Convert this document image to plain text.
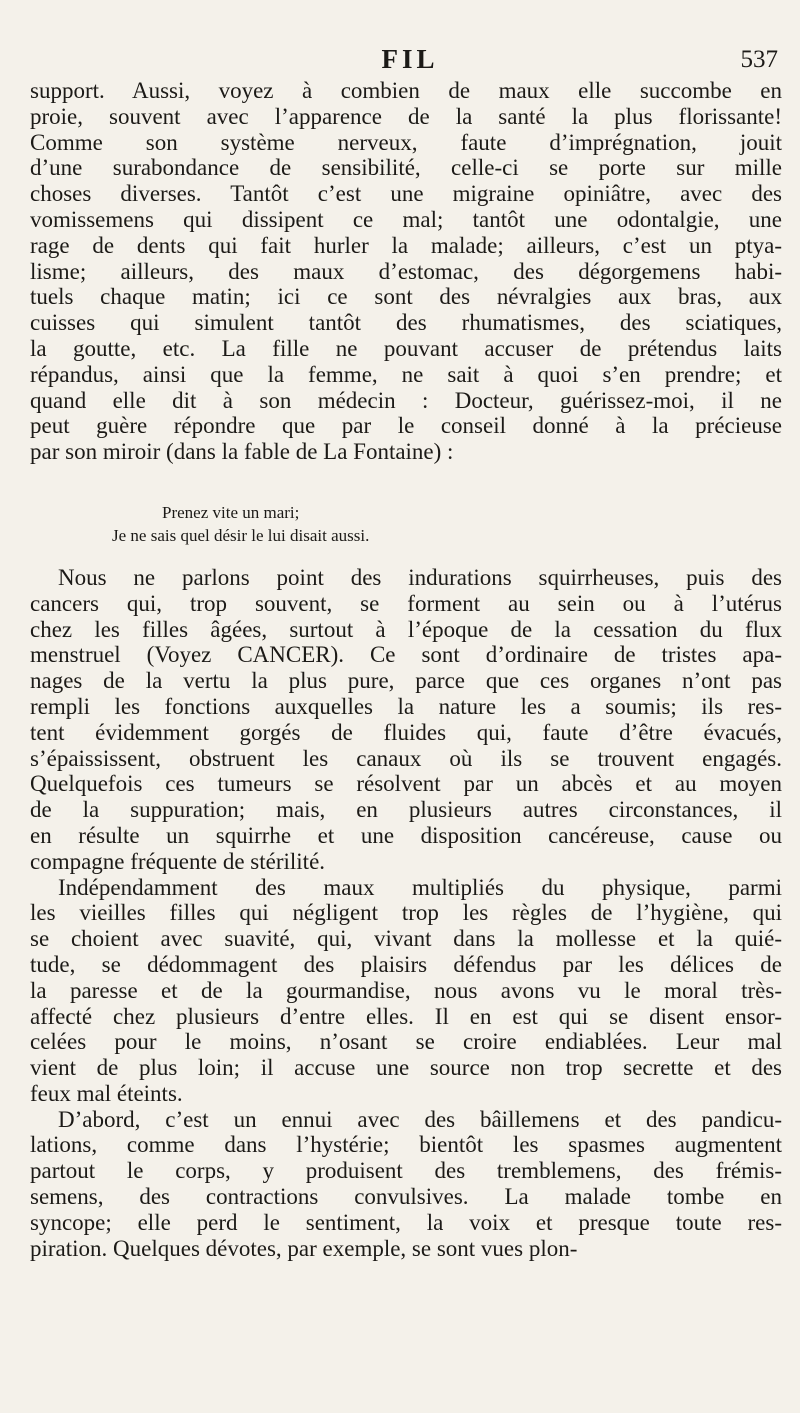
FIL	537
support. Aussi, voyez à combien de maux elle succombe en
proie, souvent avec l’apparence de la santé la plus florissante!
Comme son système nerveux, faute d’imprégnation, jouit
d’une surabondance de sensibilité, celle-ci se porte sur mille
choses diverses. Tantôt c’est une migraine opiniâtre, avec des
vomissemens qui dissipent ce mal; tantôt une odontalgie, une
rage de dents qui fait hurler la malade; ailleurs, c’est un ptya-
lisme; ailleurs, des maux d’estomac, des dégorgemens habi-
tuels chaque matin; ici ce sont des névralgies aux bras, aux
cuisses qui simulent tantôt des rhumatismes, des sciatiques,
la goutte, etc. La fille ne pouvant accuser de prétendus laits
répandus, ainsi que la femme, ne sait à quoi s’en prendre; et
quand elle dit à son médecin : Docteur, guérissez-moi, il ne
peut guère répondre que par le conseil donné à la précieuse
par son miroir (dans la fable de La Fontaine) :
Prenez vite un mari;
Je ne sais quel désir le lui disait aussi.
Nous ne parlons point des indurations squirrheuses, puis des
cancers qui, trop souvent, se forment au sein ou à l’utérus
chez les filles âgées, surtout à l’époque de la cessation du flux
menstruel (Voyez CANCER). Ce sont d’ordinaire de tristes apa-
nages de la vertu la plus pure, parce que ces organes n’ont pas
rempli les fonctions auxquelles la nature les a soumis; ils res-
tent évidemment gorgés de fluides qui, faute d’être évacués,
s’épaississent, obstruent les canaux où ils se trouvent engagés.
Quelquefois ces tumeurs se résolvent par un abcès et au moyen
de la suppuration; mais, en plusieurs autres circonstances, il
en résulte un squirrhe et une disposition cancéreuse, cause ou
compagne fréquente de stérilité.
Indépendamment des maux multipliés du physique, parmi
les vieilles filles qui négligent trop les règles de l’hygiène, qui
se choient avec suavité, qui, vivant dans la mollesse et la quié-
tude, se dédommagent des plaisirs défendus par les délices de
la paresse et de la gourmandise, nous avons vu le moral très-
affecté chez plusieurs d’entre elles. Il en est qui se disent ensor-
celées pour le moins, n’osant se croire endiablées. Leur mal
vient de plus loin; il accuse une source non trop secrette et des
feux mal éteints.
D’abord, c’est un ennui avec des bâillemens et des pandicu-
lations, comme dans l’hystérie; bientôt les spasmes augmentent
partout le corps, y produisent des tremblemens, des frémis-
semens, des contractions convulsives. La malade tombe en
syncope; elle perd le sentiment, la voix et presque toute res-
piration. Quelques dévotes, par exemple, se sont vues plon-
